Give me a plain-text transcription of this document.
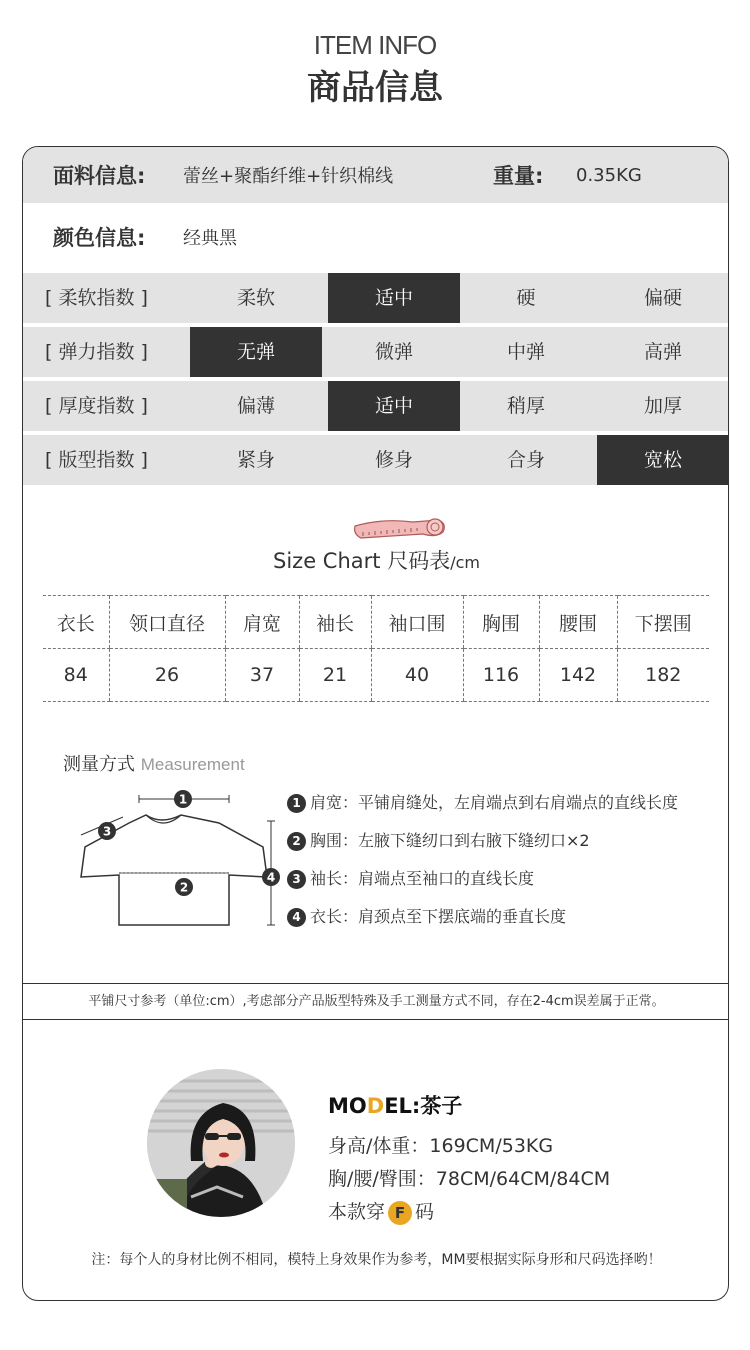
ITEM INFO
商品信息
面料信息: 蕾丝+聚酯纤维+针织棉线	重量: 0.35KG
颜色信息: 经典黑
[ 柔软指数 ]	柔软	适中	硬	偏硬
[ 弹力指数 ]	无弹	微弹	中弹	高弹
[ 厚度指数 ]	偏薄	适中	稍厚	加厚
[ 版型指数 ]	紧身	修身	合身	宽松
Size Chart 尺码表/cm
衣长	领口直径	肩宽	袖长	袖口围	胸围	腰围	下摆围
84	26	37	21	40	116	142	182
测量方式 Measurement
1
2
3
4
1 肩宽：平铺肩缝处，左肩端点到右肩端点的直线长度
2 胸围：左腋下缝纫口到右腋下缝纫口×2
3 袖长：肩端点至袖口的直线长度
4 衣长：肩颈点至下摆底端的垂直长度
平铺尺寸参考（单位:cm）,考虑部分产品版型特殊及手工测量方式不同，存在2-4cm误差属于正常。
MODEL:茶子
身高/体重：169CM/53KG
胸/腰/臀围：78CM/64CM/84CM
本款穿 F 码
注：每个人的身材比例不相同，模特上身效果作为参考，MM要根据实际身形和尺码选择哟！
